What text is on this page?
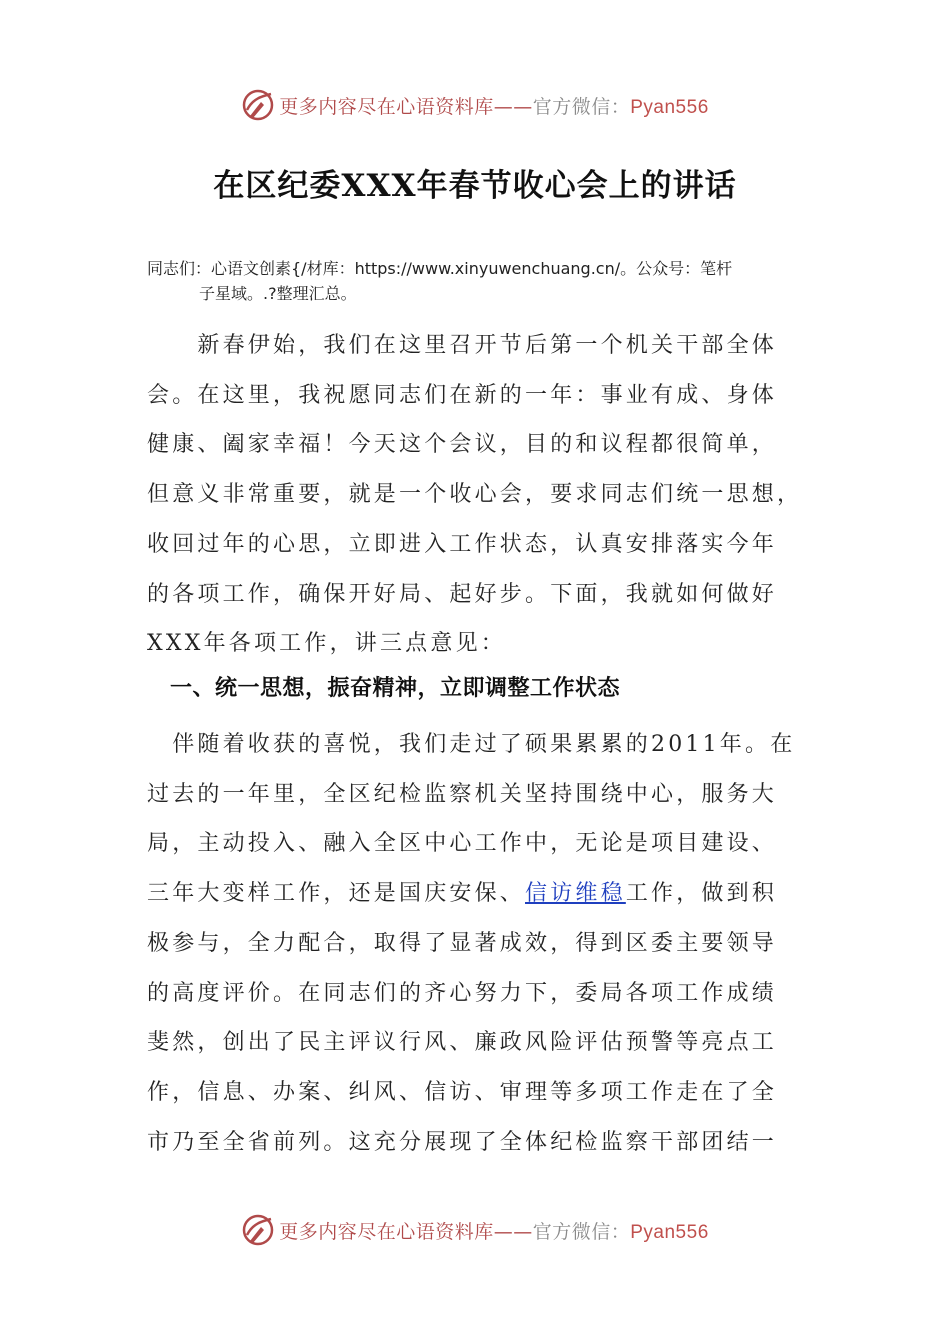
更多内容尽在心语资料库——官方微信：Pyan556
在区纪委XXX年春节收心会上的讲话
同志们：心语文创素{/材库：https://www.xinyuwenchuang.cn/。公众号：笔杆
子星域。.?整理汇总。
　　新春伊始，我们在这里召开节后第一个机关干部全体
会。在这里，我祝愿同志们在新的一年：事业有成、身体
健康、阖家幸福！今天这个会议，目的和议程都很简单，
但意义非常重要，就是一个收心会，要求同志们统一思想，
收回过年的心思，立即进入工作状态，认真安排落实今年
的各项工作，确保开好局、起好步。下面，我就如何做好
XXX年各项工作，讲三点意见：
一、统一思想，振奋精神，立即调整工作状态
　伴随着收获的喜悦，我们走过了硕果累累的2011年。在
过去的一年里，全区纪检监察机关坚持围绕中心，服务大
局，主动投入、融入全区中心工作中，无论是项目建设、
三年大变样工作，还是国庆安保、信访维稳工作，做到积
极参与，全力配合，取得了显著成效，得到区委主要领导
的高度评价。在同志们的齐心努力下，委局各项工作成绩
斐然，创出了民主评议行风、廉政风险评估预警等亮点工
作，信息、办案、纠风、信访、审理等多项工作走在了全
市乃至全省前列。这充分展现了全体纪检监察干部团结一
更多内容尽在心语资料库——官方微信：Pyan556
